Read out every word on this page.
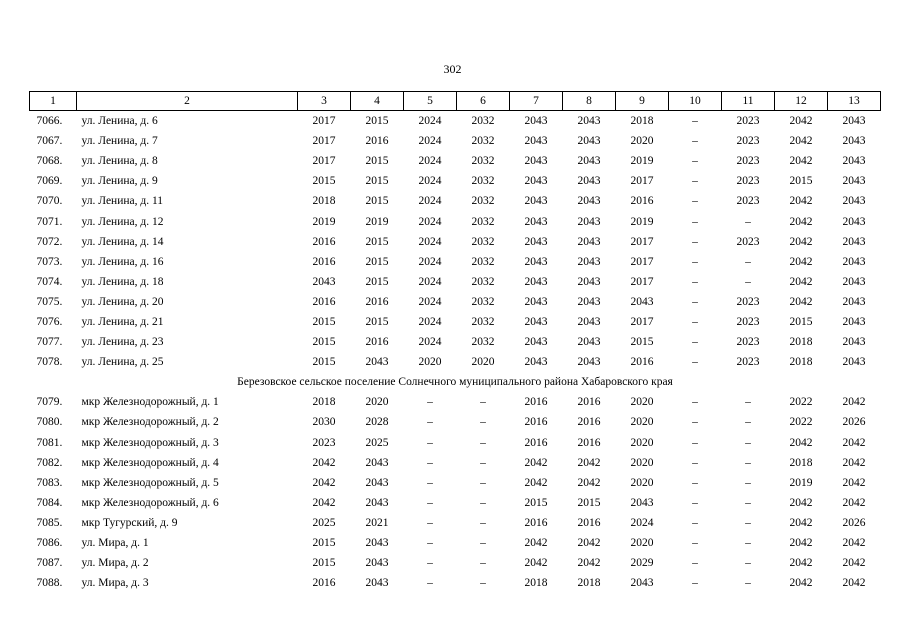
302
1	2	3	4	5	6	7	8	9	10	11	12	13
7066.	ул. Ленина, д. 6	2017	2015	2024	2032	2043	2043	2018	–	2023	2042	2043
7067.	ул. Ленина, д. 7	2017	2016	2024	2032	2043	2043	2020	–	2023	2042	2043
7068.	ул. Ленина, д. 8	2017	2015	2024	2032	2043	2043	2019	–	2023	2042	2043
7069.	ул. Ленина, д. 9	2015	2015	2024	2032	2043	2043	2017	–	2023	2015	2043
7070.	ул. Ленина, д. 11	2018	2015	2024	2032	2043	2043	2016	–	2023	2042	2043
7071.	ул. Ленина, д. 12	2019	2019	2024	2032	2043	2043	2019	–	–	2042	2043
7072.	ул. Ленина, д. 14	2016	2015	2024	2032	2043	2043	2017	–	2023	2042	2043
7073.	ул. Ленина, д. 16	2016	2015	2024	2032	2043	2043	2017	–	–	2042	2043
7074.	ул. Ленина, д. 18	2043	2015	2024	2032	2043	2043	2017	–	–	2042	2043
7075.	ул. Ленина, д. 20	2016	2016	2024	2032	2043	2043	2043	–	2023	2042	2043
7076.	ул. Ленина, д. 21	2015	2015	2024	2032	2043	2043	2017	–	2023	2015	2043
7077.	ул. Ленина, д. 23	2015	2016	2024	2032	2043	2043	2015	–	2023	2018	2043
7078.	ул. Ленина, д. 25	2015	2043	2020	2020	2043	2043	2016	–	2023	2018	2043
Березовское сельское поселение Солнечного муниципального района Хабаровского края												
7079.	мкр Железнодорожный, д. 1	2018	2020	–	–	2016	2016	2020	–	–	2022	2042
7080.	мкр Железнодорожный, д. 2	2030	2028	–	–	2016	2016	2020	–	–	2022	2026
7081.	мкр Железнодорожный, д. 3	2023	2025	–	–	2016	2016	2020	–	–	2042	2042
7082.	мкр Железнодорожный, д. 4	2042	2043	–	–	2042	2042	2020	–	–	2018	2042
7083.	мкр Железнодорожный, д. 5	2042	2043	–	–	2042	2042	2020	–	–	2019	2042
7084.	мкр Железнодорожный, д. 6	2042	2043	–	–	2015	2015	2043	–	–	2042	2042
7085.	мкр Тугурский, д. 9	2025	2021	–	–	2016	2016	2024	–	–	2042	2026
7086.	ул. Мира, д. 1	2015	2043	–	–	2042	2042	2020	–	–	2042	2042
7087.	ул. Мира, д. 2	2015	2043	–	–	2042	2042	2029	–	–	2042	2042
7088.	ул. Мира, д. 3	2016	2043	–	–	2018	2018	2043	–	–	2042	2042
